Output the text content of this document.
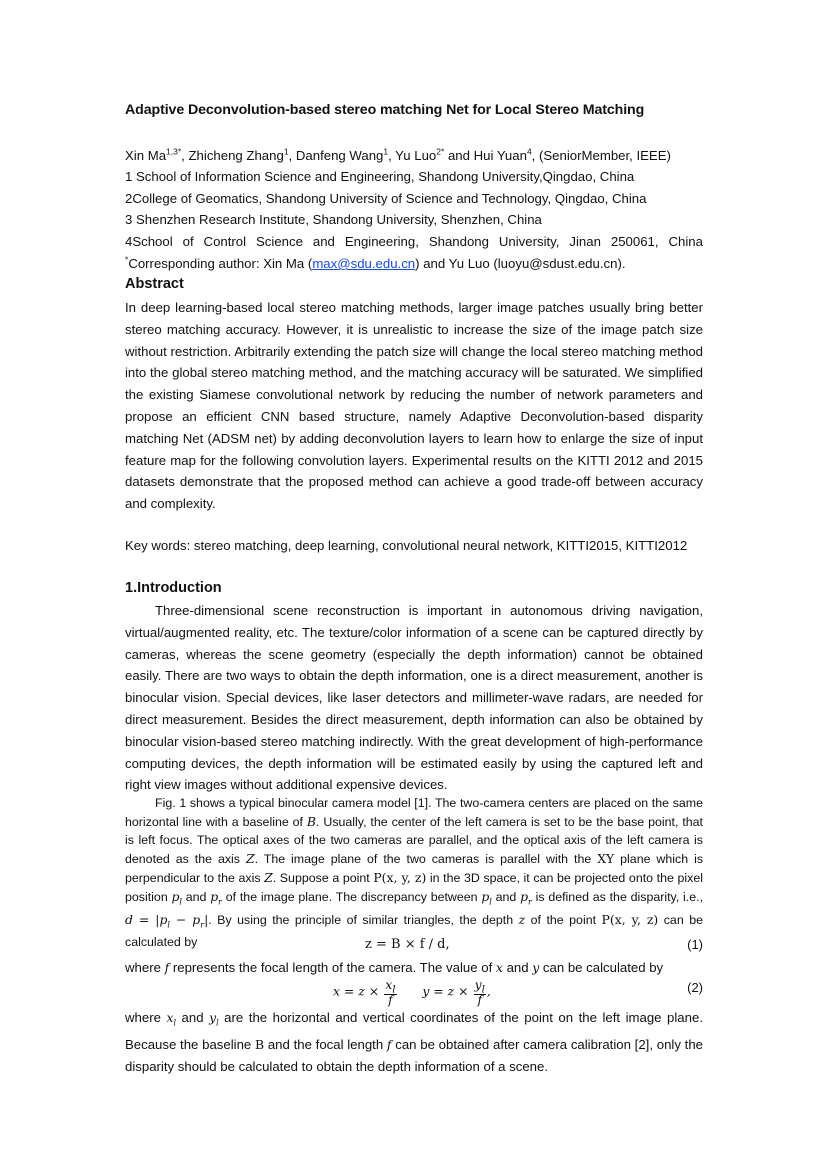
Adaptive Deconvolution-based stereo matching Net for Local Stereo Matching
Xin $Ma^{1,3*}$, Zhicheng Zhang$^1$, Danfeng Wang$^1$, Yu Luo$^{2*}$ and Hui Yuan$^4$, (SeniorMember, IEEE)
1 School of Information Science and Engineering, Shandong University,Qingdao, China
2College of Geomatics, Shandong University of Science and Technology, Qingdao, China
3 Shenzhen Research Institute, Shandong University, Shenzhen, China
4School of Control Science and Engineering, Shandong University, Jinan 250061, China
*Corresponding author: Xin Ma (max@sdu.edu.cn) and Yu Luo (luoyu@sdust.edu.cn).
Abstract
In deep learning-based local stereo matching methods, larger image patches usually bring better stereo matching accuracy. However, it is unrealistic to increase the size of the image patch size without restriction. Arbitrarily extending the patch size will change the local stereo matching method into the global stereo matching method, and the matching accuracy will be saturated. We simplified the existing Siamese convolutional network by reducing the number of network parameters and propose an efficient CNN based structure, namely Adaptive Deconvolution-based disparity matching Net (ADSM net) by adding deconvolution layers to learn how to enlarge the size of input feature map for the following convolution layers. Experimental results on the KITTI 2012 and 2015 datasets demonstrate that the proposed method can achieve a good trade-off between accuracy and complexity.
Key words: stereo matching, deep learning, convolutional neural network, KITTI2015, KITTI2012
1.Introduction
Three-dimensional scene reconstruction is important in autonomous driving navigation, virtual/augmented reality, etc. The texture/color information of a scene can be captured directly by cameras, whereas the scene geometry (especially the depth information) cannot be obtained easily. There are two ways to obtain the depth information, one is a direct measurement, another is binocular vision. Special devices, like laser detectors and millimeter-wave radars, are needed for direct measurement. Besides the direct measurement, depth information can also be obtained by binocular vision-based stereo matching indirectly. With the great development of high-performance computing devices, the depth information will be estimated easily by using the captured left and right view images without additional expensive devices.
Fig. 1 shows a typical binocular camera model [1]. The two-camera centers are placed on the same horizontal line with a baseline of B. Usually, the center of the left camera is set to be the base point, that is left focus. The optical axes of the two cameras are parallel, and the optical axis of the left camera is denoted as the axis Z. The image plane of the two cameras is parallel with the XY plane which is perpendicular to the axis Z. Suppose a point P(x, y, z) in the 3D space, it can be projected onto the pixel position $p_l$ and $p_r$ of the image plane. The discrepancy between $p_l$ and $p_r$ is defined as the disparity, i.e., $d = |p_l - p_r|$. By using the principle of similar triangles, the depth z of the point P(x, y, z) can be calculated by	z = B × f / d,	(1)
where f represents the focal length of the camera. The value of x and y can be calculated by
$x = z \times \frac{x_l}{f}$ $y = z \times \frac{y_l}{f}$ ,	(2)
where $x_l$ and $y_l$ are the horizontal and vertical coordinates of the point on the left image plane. Because the baseline B and the focal length f can be obtained after camera calibration [2], only the disparity should be calculated to obtain the depth information of a scene.
